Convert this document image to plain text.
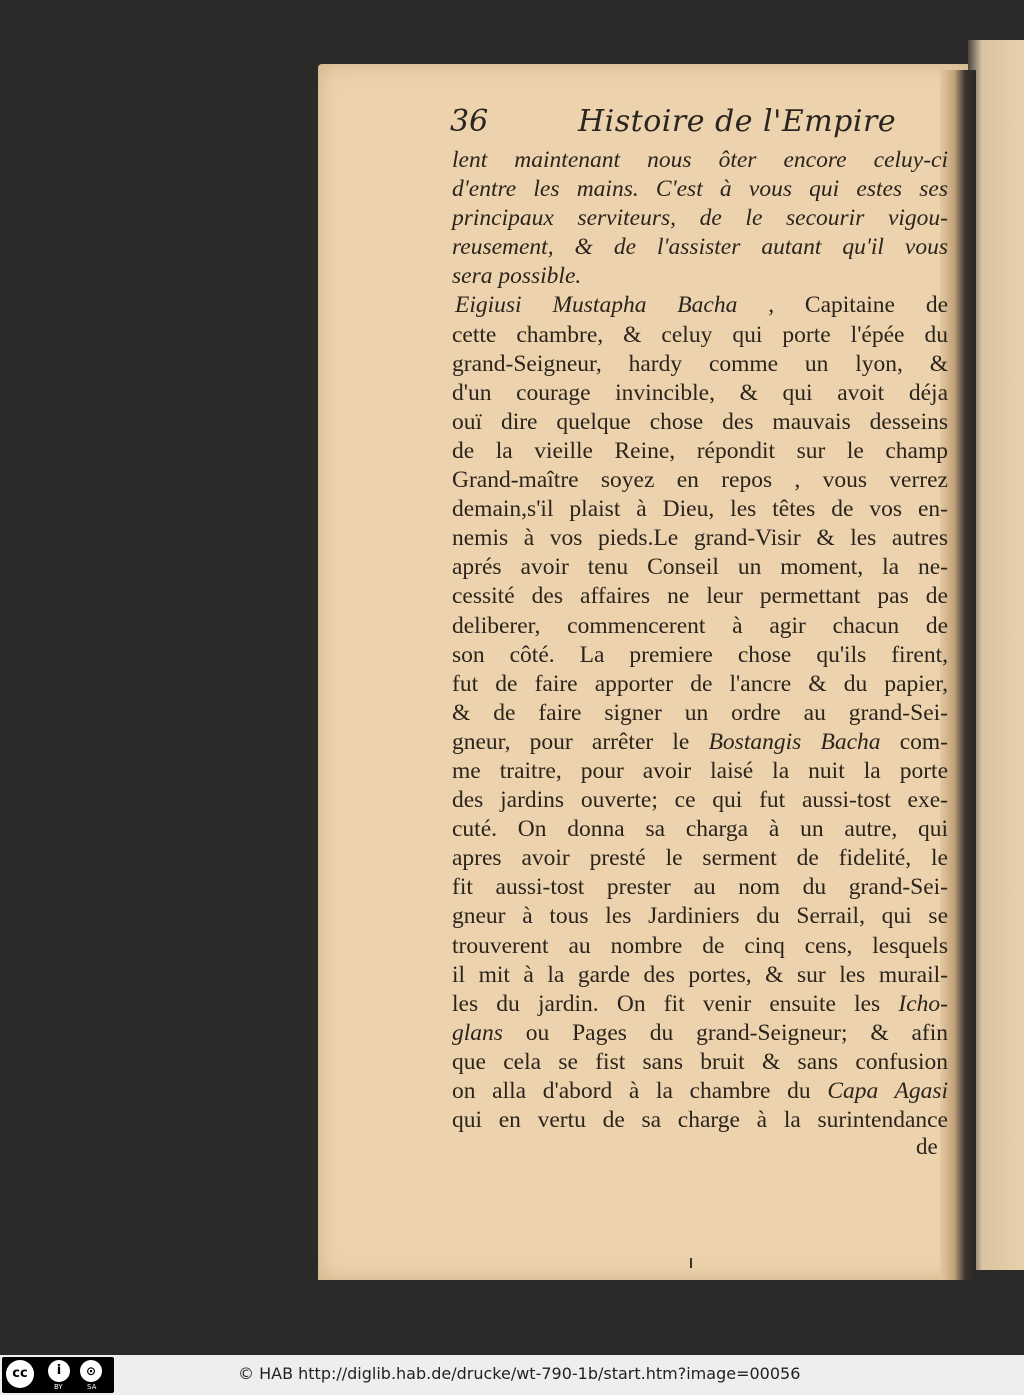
36	Histoire de l'Empire
lent maintenant nous ôter encore celuy-ci
d'entre les mains. C'est à vous qui estes ses
principaux serviteurs, de le secourir vigou-
reusement, & de l'assister autant qu'il vous
sera possible.
Eigiusi Mustapha Bacha , Capitaine de
cette chambre, & celuy qui porte l'épée du
grand-Seigneur, hardy comme un lyon, &
d'un courage invincible, & qui avoit déja
ouï dire quelque chose des mauvais desseins
de la vieille Reine, répondit sur le champ
Grand-maître soyez en repos , vous verrez
demain,s'il plaist à Dieu, les têtes de vos en-
nemis à vos pieds.Le grand-Visir & les autres
aprés avoir tenu Conseil un moment, la ne-
cessité des affaires ne leur permettant pas de
deliberer, commencerent à agir chacun de
son côté. La premiere chose qu'ils firent,
fut de faire apporter de l'ancre & du papier,
& de faire signer un ordre au grand-Sei-
gneur, pour arrêter le Bostangis Bacha com-
me traitre, pour avoir laisé la nuit la porte
des jardins ouverte; ce qui fut aussi-tost exe-
cuté. On donna sa charga à un autre, qui
apres avoir presté le serment de fidelité, le
fit aussi-tost prester au nom du grand-Sei-
gneur à tous les Jardiniers du Serrail, qui se
trouverent au nombre de cinq cens, lesquels
il mit à la garde des portes, & sur les murail-
les du jardin. On fit venir ensuite les Icho-
glans ou Pages du grand-Seigneur; & afin
que cela se fist sans bruit & sans confusion
on alla d'abord à la chambre du Capa Agasi
qui en vertu de sa charge à la surintendance
de
cc	i	⊙
BY	SA
© HAB http://diglib.hab.de/drucke/wt-790-1b/start.htm?image=00056
